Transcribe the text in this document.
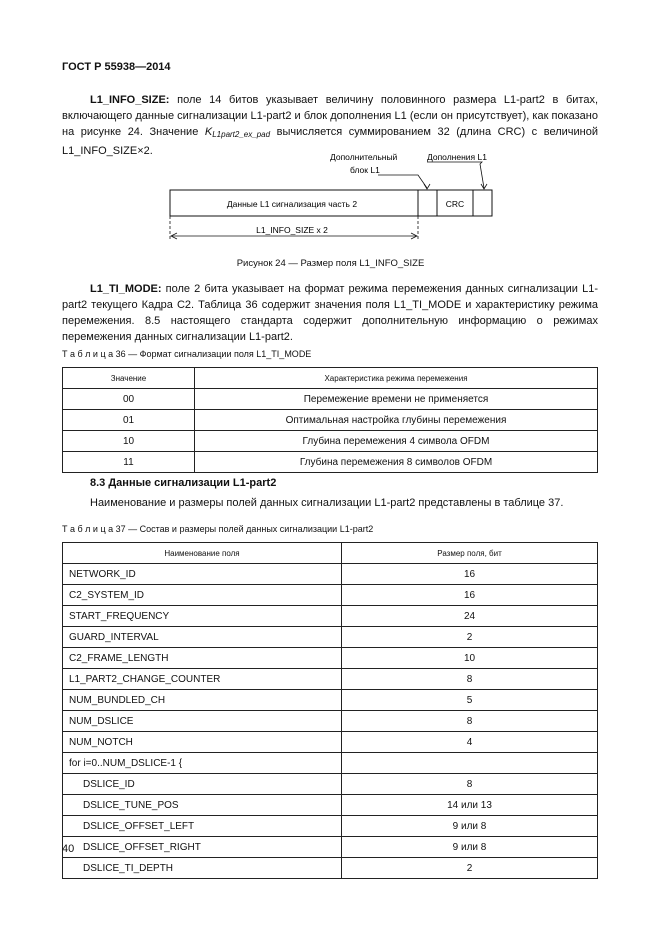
ГОСТ Р 55938—2014
L1_INFO_SIZE: поле 14 битов указывает величину половинного размера L1-part2 в битах, включающего данные сигнализации L1-part2 и блок дополнения L1 (если он присутствует), как показано на рисунке 24. Значение $K_{L1part2\_ex\_pad}$ вычисляется суммированием 32 (длина CRC) с величиной L1_INFO_SIZE×2.
Данные L1 сигнализация часть 2	CRC
Дополнительный
блок L1
Дополнения L1
L1_INFO_SIZE х 2
Рисунок 24 — Размер поля L1_INFO_SIZE
L1_TI_MODE: поле 2 бита указывает на формат режима перемежения данных сигнализации L1- part2 текущего Кадра С2. Таблица 36 содержит значения поля L1_TI_MODE и характеристику режима перемежения. 8.5 настоящего стандарта содержит дополнительную информацию о режимах перемежения данных сигнализации L1-part2.
Т а б л и ц а 36 — Формат сигнализации поля L1_TI_MODE
Значение	Характеристика режима перемежения
00	Перемежение времени не применяется
01	Оптимальная настройка глубины перемежения
10	Глубина перемежения 4 символа OFDM
11	Глубина перемежения 8 символов OFDM
8.3 Данные сигнализации L1-part2
Наименование и размеры полей данных сигнализации L1-part2 представлены в таблице 37.
Т а б л и ц а 37 — Состав и размеры полей данных сигнализации L1-part2
Наименование поля	Размер поля, бит
NETWORK_ID	16
C2_SYSTEM_ID	16
START_FREQUENCY	24
GUARD_INTERVAL	2
C2_FRAME_LENGTH	10
L1_PART2_CHANGE_COUNTER	8
NUM_BUNDLED_CH	5
NUM_DSLICE	8
NUM_NOTCH	4
for i=0..NUM_DSLICE-1 {	
DSLICE_ID	8
DSLICE_TUNE_POS	14 или 13
DSLICE_OFFSET_LEFT	9 или 8
DSLICE_OFFSET_RIGHT	9 или 8
DSLICE_TI_DEPTH	2
40
